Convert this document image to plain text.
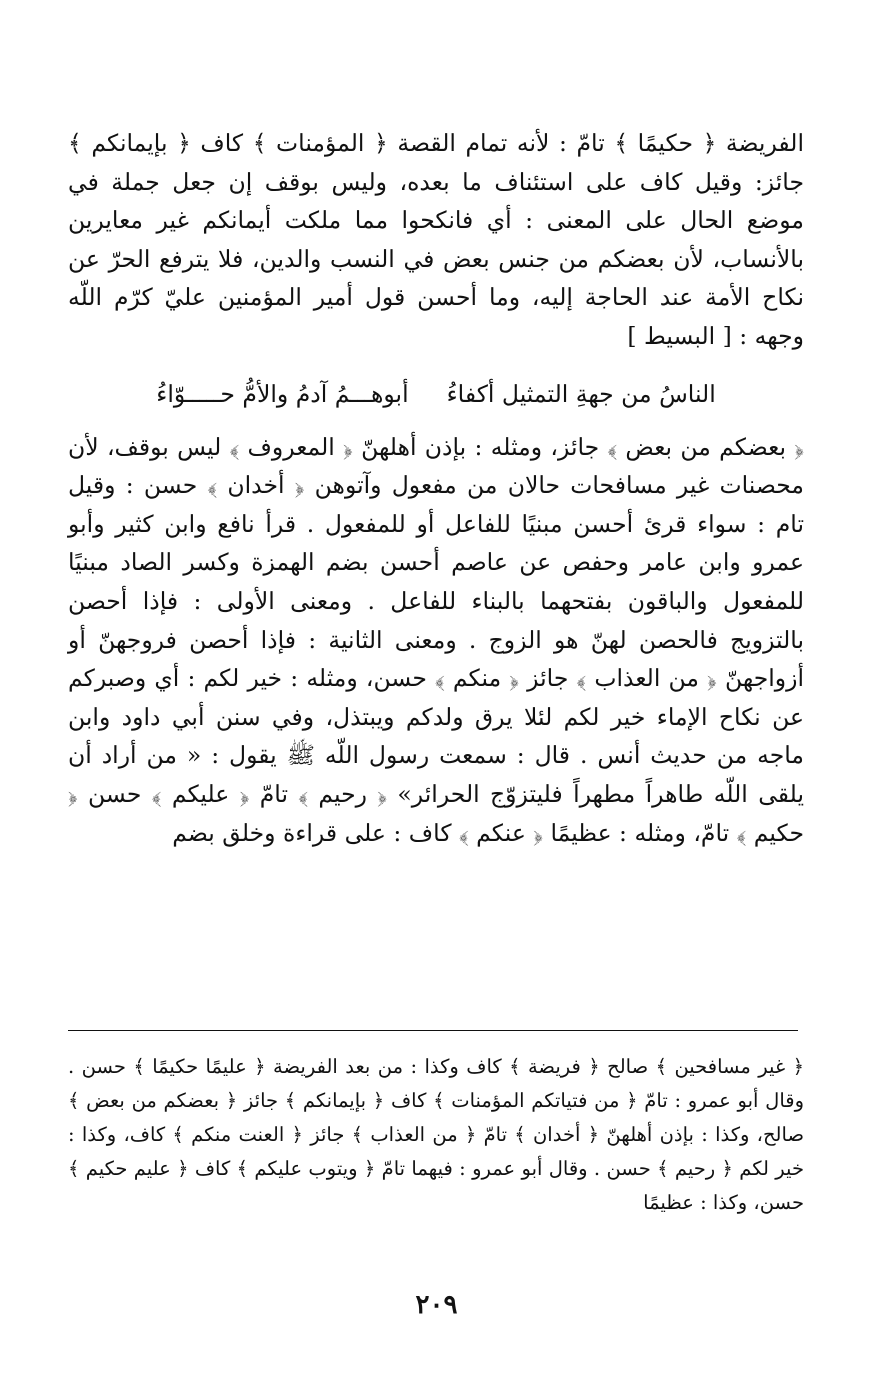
الفريضة ﴿ حكيمًا ﴾ تامّ : لأنه تمام القصة ﴿ المؤمنات ﴾ كاف ﴿ بإيمانكم ﴾ جائز: وقيل كاف على استئناف ما بعده، وليس بوقف إن جعل جملة في موضع الحال على المعنى : أي فانكحوا مما ملكت أيمانكم غير معايرين بالأنساب، لأن بعضكم من جنس بعض في النسب والدين، فلا يترفع الحرّ عن نكاح الأمة عند الحاجة إليه، وما أحسن قول أمير المؤمنين عليّ كرّم اللّه وجهه : [ البسيط ]

الناسُ من جهةِ التمثيل أكفاءُ
أبوهـــمُ آدمُ والأمُّ حـــــوّاءُ

﴿ بعضكم من بعض ﴾ جائز، ومثله : بإذن أهلهنّ ﴿ المعروف ﴾ ليس بوقف، لأن محصنات غير مسافحات حالان من مفعول وآتوهن ﴿ أخدان ﴾ حسن : وقيل تام : سواء قرئ أحسن مبنيًا للفاعل أو للمفعول . قرأ نافع وابن كثير وأبو عمرو وابن عامر وحفص عن عاصم أحسن بضم الهمزة وكسر الصاد مبنيًا للمفعول والباقون بفتحهما بالبناء للفاعل . ومعنى الأولى : فإذا أحصن بالتزويج فالحصن لهنّ هو الزوج . ومعنى الثانية : فإذا أحصن فروجهنّ أو أزواجهنّ ﴿ من العذاب ﴾ جائز ﴿ منكم ﴾ حسن، ومثله : خير لكم : أي وصبركم عن نكاح الإماء خير لكم لئلا يرق ولدكم ويبتذل، وفي سنن أبي داود وابن ماجه من حديث أنس . قال : سمعت رسول اللّه ﷺ يقول : « من أراد أن يلقى اللّه طاهراً مطهراً فليتزوّج الحرائر» ﴿ رحيم ﴾ تامّ ﴿ عليكم ﴾ حسن ﴿ حكيم ﴾ تامّ، ومثله : عظيمًا ﴿ عنكم ﴾ كاف : على قراءة وخلق بضم

﴿ غير مسافحين ﴾ صالح ﴿ فريضة ﴾ كاف وكذا : من بعد الفريضة ﴿ عليمًا حكيمًا ﴾ حسن . وقال أبو عمرو : تامّ ﴿ من فتياتكم المؤمنات ﴾ كاف ﴿ بإيمانكم ﴾ جائز ﴿ بعضكم من بعض ﴾ صالح، وكذا : بإذن أهلهنّ ﴿ أخدان ﴾ تامّ ﴿ من العذاب ﴾ جائز ﴿ العنت منكم ﴾ كاف، وكذا : خير لكم ﴿ رحيم ﴾ حسن . وقال أبو عمرو : فيهما تامّ ﴿ ويتوب عليكم ﴾ كاف ﴿ عليم حكيم ﴾ حسن، وكذا : عظيمًا

٢٠٩
